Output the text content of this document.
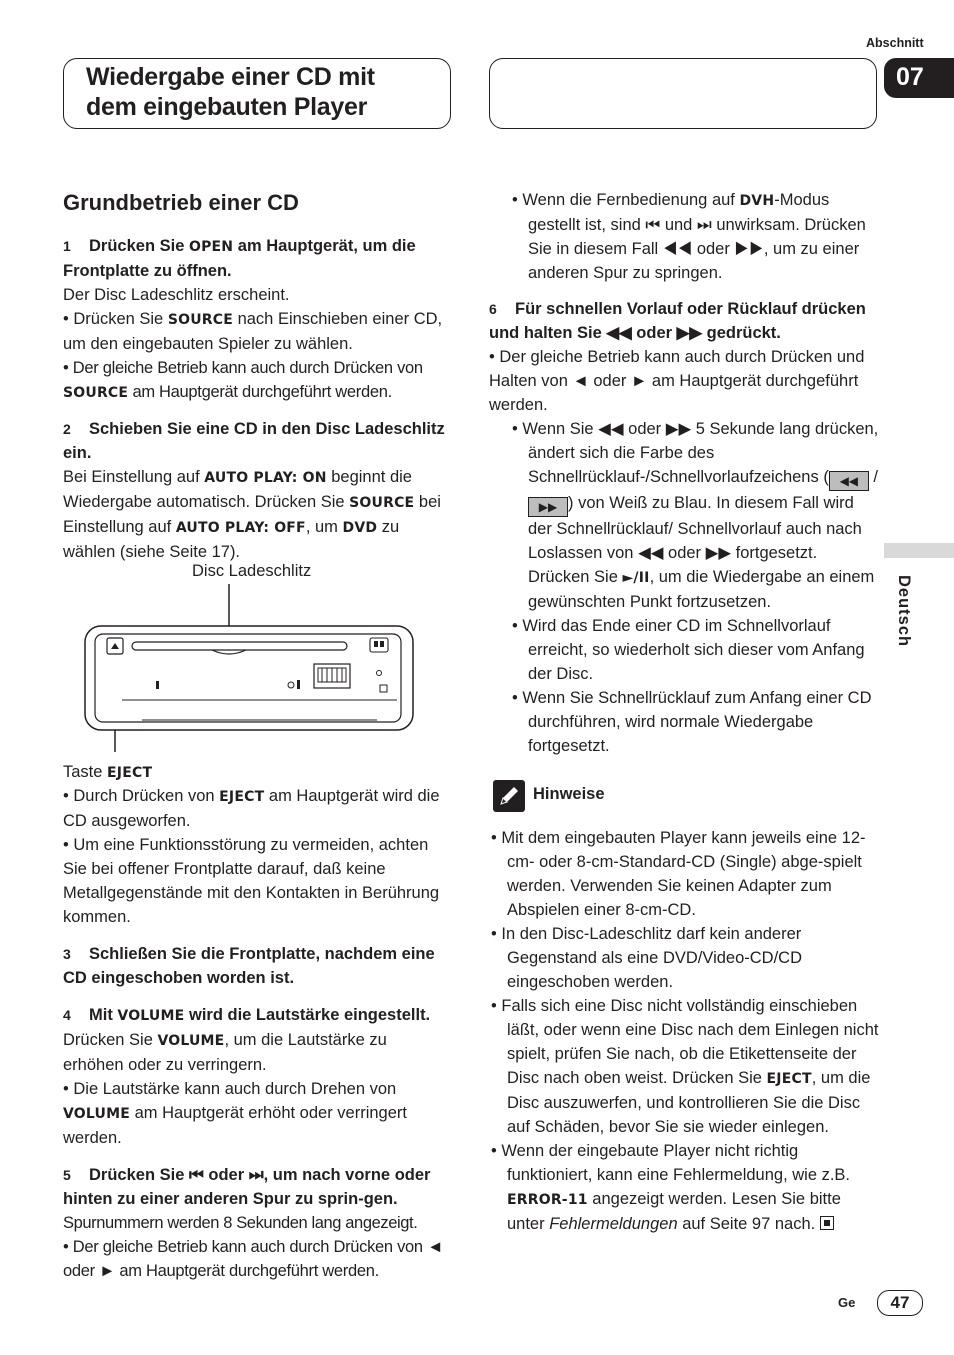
Abschnitt
07
Wiedergabe einer CD mit
dem eingebauten Player
Deutsch
Grundbetrieb einer CD

1 Drücken Sie OPEN am Hauptgerät, um die Frontplatte zu öffnen.

Der Disc Ladeschlitz erscheint.

• Drücken Sie SOURCE nach Einschieben einer CD, um den eingebauten Spieler zu wählen.

• Der gleiche Betrieb kann auch durch Drücken von SOURCE am Hauptgerät durchgeführt werden.

2 Schieben Sie eine CD in den Disc Ladeschlitz ein.

Bei Einstellung auf AUTO PLAY: ON beginnt die Wiedergabe automatisch. Drücken Sie SOURCE bei Einstellung auf AUTO PLAY: OFF, um DVD zu wählen (siehe Seite 17).

Disc Ladeschlitz
Taste EJECT

• Durch Drücken von EJECT am Hauptgerät wird die CD ausgeworfen.

• Um eine Funktionsstörung zu vermeiden, achten Sie bei offener Frontplatte darauf, daß keine Metallgegenstände mit den Kontakten in Berührung kommen.

3 Schließen Sie die Frontplatte, nachdem eine CD eingeschoben worden ist.

4 Mit VOLUME wird die Lautstärke eingestellt.

Drücken Sie VOLUME, um die Lautstärke zu erhöhen oder zu verringern.

• Die Lautstärke kann auch durch Drehen von VOLUME am Hauptgerät erhöht oder verringert werden.

5 Drücken Sie ⏮ oder ⏭, um nach vorne oder hinten zu einer anderen Spur zu sprin-gen.

Spurnummern werden 8 Sekunden lang angezeigt.

• Der gleiche Betrieb kann auch durch Drücken von ◄ oder ► am Hauptgerät durchgeführt werden.

• Wenn die Fernbedienung auf DVH-Modus gestellt ist, sind ⏮ und ⏭ unwirksam. Drücken Sie in diesem Fall ◀◀ oder ▶▶, um zu einer anderen Spur zu springen.

6 Für schnellen Vorlauf oder Rücklauf drücken und halten Sie ◀◀ oder ▶▶ gedrückt.

• Der gleiche Betrieb kann auch durch Drücken und Halten von ◄ oder ► am Hauptgerät durchgeführt werden.

• Wenn Sie ◀◀ oder ▶▶ 5 Sekunde lang drücken, ändert sich die Farbe des Schnellrücklauf-/Schnellvorlaufzeichens ( ◀◀ / ▶▶ ) von Weiß zu Blau. In diesem Fall wird der Schnellrücklauf/ Schnellvorlauf auch nach Loslassen von ◀◀ oder ▶▶ fortgesetzt. Drücken Sie ►/II, um die Wiedergabe an einem gewünschten Punkt fortzusetzen.

• Wird das Ende einer CD im Schnellvorlauf erreicht, so wiederholt sich dieser vom Anfang der Disc.

• Wenn Sie Schnellrücklauf zum Anfang einer CD durchführen, wird normale Wiedergabe fortgesetzt.

Hinweise

• Mit dem eingebauten Player kann jeweils eine 12-cm- oder 8-cm-Standard-CD (Single) abge-spielt werden. Verwenden Sie keinen Adapter zum Abspielen einer 8-cm-CD.

• In den Disc-Ladeschlitz darf kein anderer Gegenstand als eine DVD/Video-CD/CD eingeschoben werden.

• Falls sich eine Disc nicht vollständig einschieben läßt, oder wenn eine Disc nach dem Einlegen nicht spielt, prüfen Sie nach, ob die Etikettenseite der Disc nach oben weist. Drücken Sie EJECT, um die Disc auszuwerfen, und kontrollieren Sie die Disc auf Schäden, bevor Sie sie wieder einlegen.

• Wenn der eingebaute Player nicht richtig funktioniert, kann eine Fehlermeldung, wie z.B. ERROR-11 angezeigt werden. Lesen Sie bitte unter Fehlermeldungen auf Seite 97 nach.

Ge	47
